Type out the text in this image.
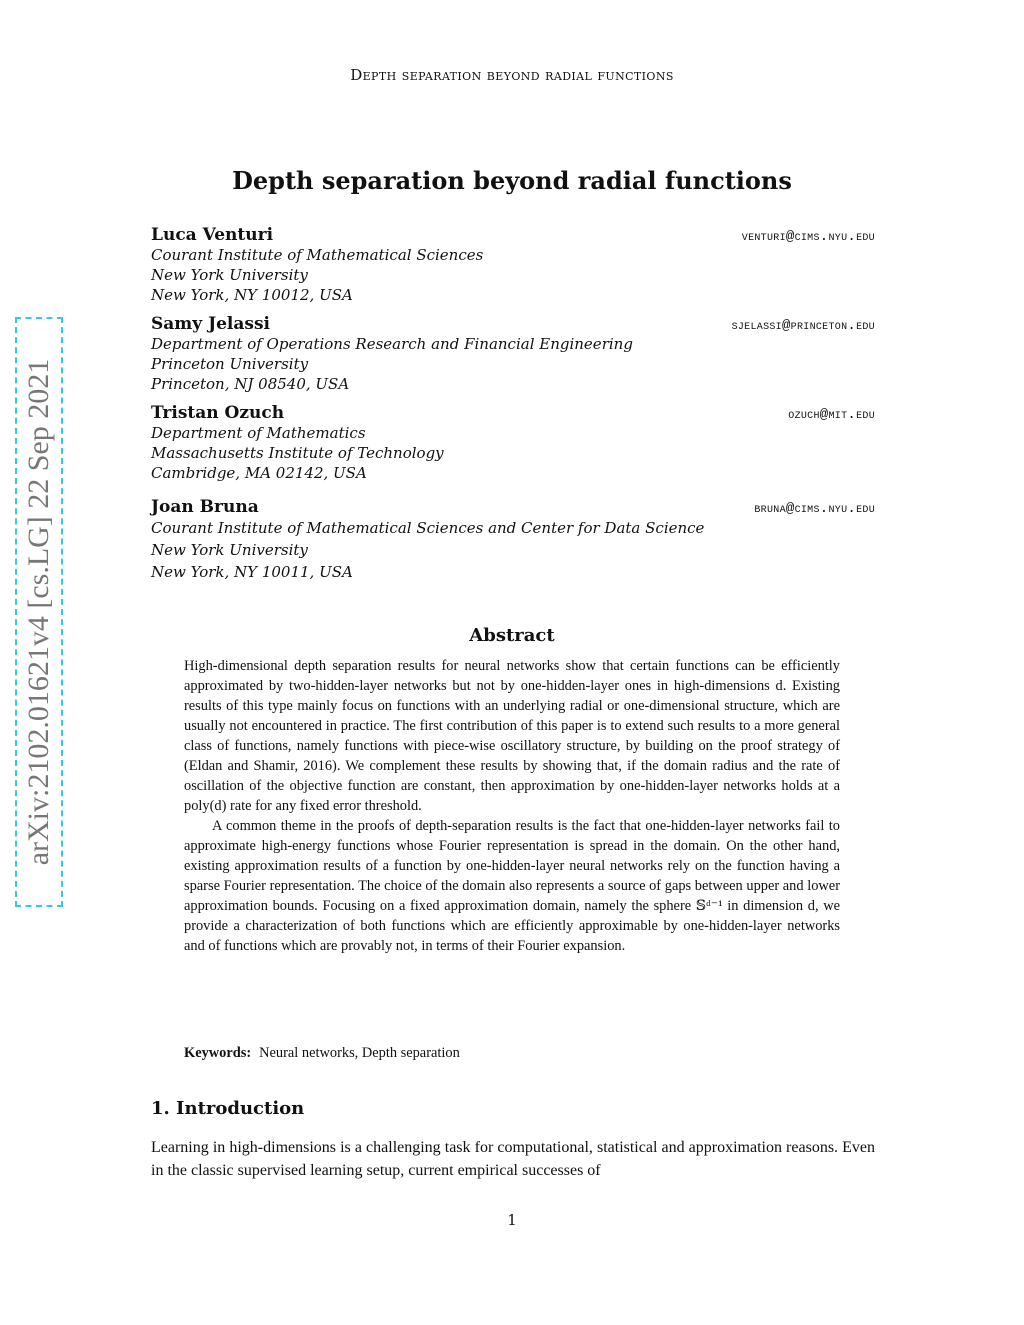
Depth separation beyond radial functions
Depth separation beyond radial functions
Luca Venturi	venturi@cims.nyu.edu
Courant Institute of Mathematical Sciences
New York University
New York, NY 10012, USA
Samy Jelassi	sjelassi@princeton.edu
Department of Operations Research and Financial Engineering
Princeton University
Princeton, NJ 08540, USA
Tristan Ozuch	ozuch@mit.edu
Department of Mathematics
Massachusetts Institute of Technology
Cambridge, MA 02142, USA
Joan Bruna	bruna@cims.nyu.edu
Courant Institute of Mathematical Sciences and Center for Data Science
New York University
New York, NY 10011, USA
arXiv:2102.01621v4 [cs.LG] 22 Sep 2021	Abstract

High-dimensional depth separation results for neural networks show that certain functions can be efficiently approximated by two-hidden-layer networks but not by one-hidden-layer ones in high-dimensions d. Existing results of this type mainly focus on functions with an underlying radial or one-dimensional structure, which are usually not encountered in practice. The first contribution of this paper is to extend such results to a more general class of functions, namely functions with piece-wise oscillatory structure, by building on the proof strategy of (Eldan and Shamir, 2016). We complement these results by showing that, if the domain radius and the rate of oscillation of the objective function are constant, then approximation by one-hidden-layer networks holds at a poly(d) rate for any fixed error threshold.

A common theme in the proofs of depth-separation results is the fact that one-hidden-layer networks fail to approximate high-energy functions whose Fourier representation is spread in the domain. On the other hand, existing approximation results of a function by one-hidden-layer neural networks rely on the function having a sparse Fourier representation. The choice of the domain also represents a source of gaps between upper and lower approximation bounds. Focusing on a fixed approximation domain, namely the sphere 𝕊ᵈ⁻¹ in dimension d, we provide a characterization of both functions which are efficiently approximable by one-hidden-layer networks and of functions which are provably not, in terms of their Fourier expansion.

Keywords: Neural networks, Depth separation
1. Introduction

Learning in high-dimensions is a challenging task for computational, statistical and approximation reasons. Even in the classic supervised learning setup, current empirical successes of

1
